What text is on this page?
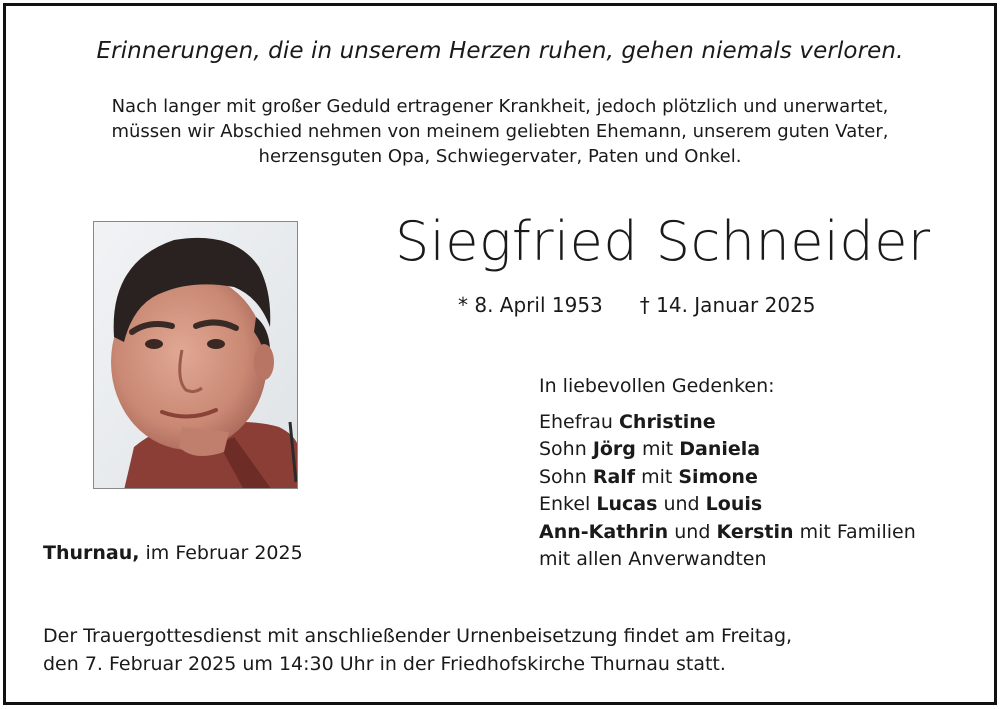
Erinnerungen, die in unserem Herzen ruhen, gehen niemals verloren.
Nach langer mit großer Geduld ertragener Krankheit, jedoch plötzlich und unerwartet,
müssen wir Abschied nehmen von meinem geliebten Ehemann, unserem guten Vater,
herzensguten Opa, Schwiegervater, Paten und Onkel.
Siegfried Schneider
* 8. April 1953 † 14. Januar 2025
In liebevollen Gedenken:
Ehefrau Christine
Sohn Jörg mit Daniela
Sohn Ralf mit Simone
Enkel Lucas und Louis
Ann-Kathrin und Kerstin mit Familien
mit allen Anverwandten
Thurnau, im Februar 2025
Der Trauergottesdienst mit anschließender Urnenbeisetzung findet am Freitag,
den 7. Februar 2025 um 14:30 Uhr in der Friedhofskirche Thurnau statt.
